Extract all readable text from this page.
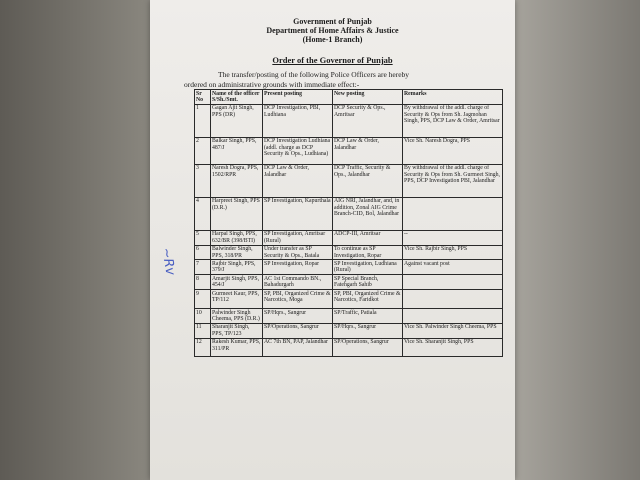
Government of Punjab
Department of Home Affairs & Justice
(Home-1 Branch)
Order of the Governor of Punjab
The transfer/posting of the following Police Officers are hereby
ordered on administrative grounds with immediate effect:-
~Rv
Sr No	Name of the officer S/Sh./Smt.	Present posting	New posting	Remarks
1	Gagan Ajit Singh, PPS (DR)	DCP Investigation, PBI, Ludhiana	DCP Security & Ops., Amritsar	By withdrawal of the addl. charge of Security & Ops from Sh. Jagmohan Singh, PPS, DCP Law & Order, Amritsar
2	Balkar Singh, PPS, 487/J	DCP Investigation Ludhiana (addl. charge as DCP Security & Ops., Ludhiana)	DCP Law & Order, Jalandhar	Vice Sh. Naresh Dogra, PPS
3	Naresh Dogra, PPS, 1502/RPR	DCP Law & Order, Jalandhar	DCP Traffic, Security & Ops., Jalandhar	By withdrawal of the addl. charge of Security & Ops from Sh. Gurmeet Singh, PPS, DCP Investigation PBI, Jalandhar
4	Harpreet Singh, PPS (D.R.)	SP Investigation, Kapurthala	AIG NRI, Jalandhar, and, in addition, Zonal AIG Crime Branch-CID, Bol, Jalandhar	
5	Harpal Singh, PPS, 632/BR (398/BTI)	SP Investigation, Amritsar (Rural)	ADCP-III, Amritsar	--
6	Balwinder Singh, PPS, 318/PR	Under transfer as SP Security & Ops., Batala	To continue as SP Investigation, Ropar	Vice Sh. Rajbir Singh, PPS
7	Rajbir Singh, PPS, 379/J	SP Investigation, Ropar	SP Investigation, Ludhiana (Rural)	Against vacant post
8	Amarjit Singh, PPS, 454/J	AC 1st Commando BN., Bahadurgarh	SP Special Branch, Fatehgarh Sahib	
9	Gurmeet Kaur, PPS, TP/112	SP, PBI, Organized Crime & Narcotics, Moga	SP, PBI, Organized Crime & Narcotics, Faridkot	
10	Palwinder Singh Cheema, PPS (D.R.)	SP/Hqrs., Sangrur	SP/Traffic, Patiala	
11	Sharanjit Singh, PPS, TP/123	SP/Operations, Sangrur	SP/Hqrs., Sangrur	Vice Sh. Palwinder Singh Cheema, PPS
12	Rakesh Kumar, PPS, 311/PR	AC 7th BN, PAP, Jalandhar	SP/Operations, Sangrur	Vice Sh. Sharanjit Singh, PPS
